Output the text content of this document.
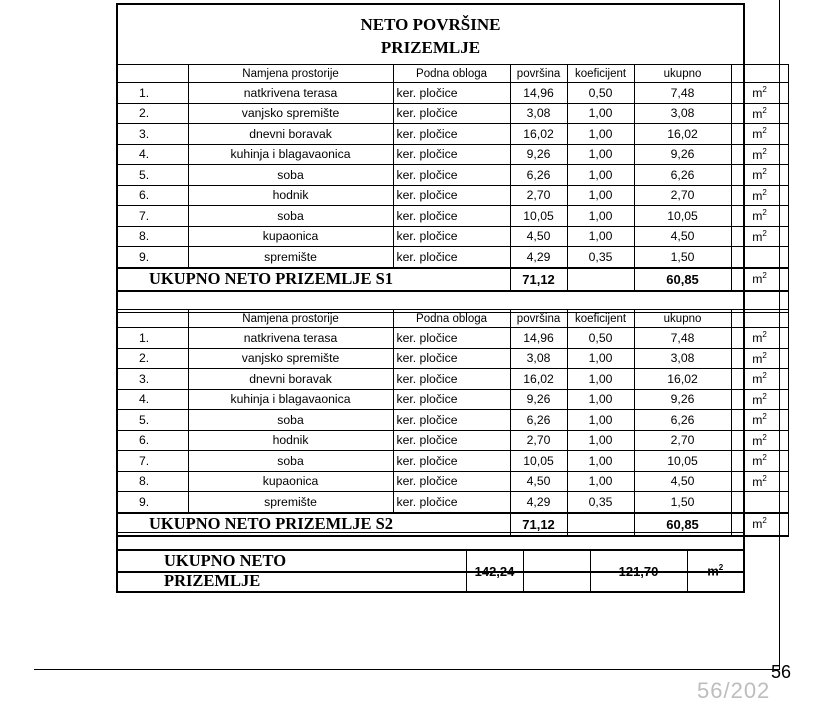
NETO POVRŠINE
PRIZEMLJE
	Namjena prostorije	Podna obloga	površina	koeficijent	ukupno	
1.	natkrivena terasa	ker. pločice	14,96	0,50	7,48	$m^2$
2.	vanjsko spremište	ker. pločice	3,08	1,00	3,08	$m^2$
3.	dnevni boravak	ker. pločice	16,02	1,00	16,02	$m^2$
4.	kuhinja i blagavaonica	ker. pločice	9,26	1,00	9,26	$m^2$
5.	soba	ker. pločice	6,26	1,00	6,26	$m^2$
6.	hodnik	ker. pločice	2,70	1,00	2,70	$m^2$
7.	soba	ker. pločice	10,05	1,00	10,05	$m^2$
8.	kupaonica	ker. pločice	4,50	1,00	4,50	$m^2$
9.	spremište	ker. pločice	4,29	0,35	1,50	
UKUPNO NETO PRIZEMLJE S1			71,12		60,85	$m^2$

	Namjena prostorije	Podna obloga	površina	koeficijent	ukupno	
1.	natkrivena terasa	ker. pločice	14,96	0,50	7,48	$m^2$
2.	vanjsko spremište	ker. pločice	3,08	1,00	3,08	$m^2$
3.	dnevni boravak	ker. pločice	16,02	1,00	16,02	$m^2$
4.	kuhinja i blagavaonica	ker. pločice	9,26	1,00	9,26	$m^2$
5.	soba	ker. pločice	6,26	1,00	6,26	$m^2$
6.	hodnik	ker. pločice	2,70	1,00	2,70	$m^2$
7.	soba	ker. pločice	10,05	1,00	10,05	$m^2$
8.	kupaonica	ker. pločice	4,50	1,00	4,50	$m^2$
9.	spremište	ker. pločice	4,29	0,35	1,50	
UKUPNO NETO PRIZEMLJE S2			71,12		60,85	$m^2$
UKUPNO NETO PRIZEMLJE		142,24		121,70	$m^2$
56
56/202
